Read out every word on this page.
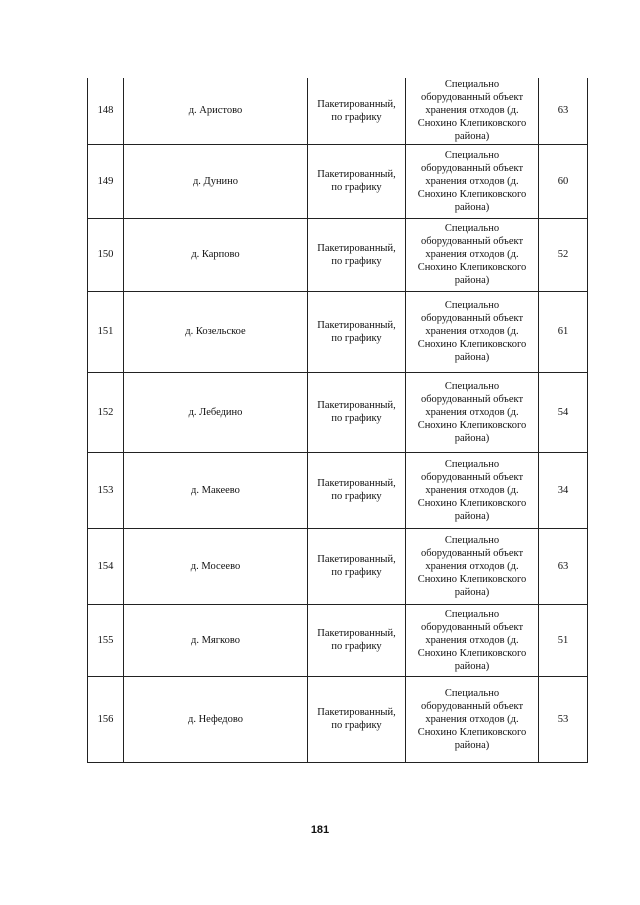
148	д. Аристово	Пакетированный, по графику	Специально оборудованный объект хранения отходов (д. Снохино Клепиковского района)	63
149	д. Дунино	Пакетированный, по графику	Специально оборудованный объект хранения отходов (д. Снохино Клепиковского района)	60
150	д. Карпово	Пакетированный, по графику	Специально оборудованный объект хранения отходов (д. Снохино Клепиковского района)	52
151	д. Козельское	Пакетированный, по графику	Специально оборудованный объект хранения отходов (д. Снохино Клепиковского района)	61
152	д. Лебедино	Пакетированный, по графику	Специально оборудованный объект хранения отходов (д. Снохино Клепиковского района)	54
153	д. Макеево	Пакетированный, по графику	Специально оборудованный объект хранения отходов (д. Снохино Клепиковского района)	34
154	д. Мосеево	Пакетированный, по графику	Специально оборудованный объект хранения отходов (д. Снохино Клепиковского района)	63
155	д. Мягково	Пакетированный, по графику	Специально оборудованный объект хранения отходов (д. Снохино Клепиковского района)	51
156	д. Нефедово	Пакетированный, по графику	Специально оборудованный объект хранения отходов (д. Снохино Клепиковского района)	53
181
